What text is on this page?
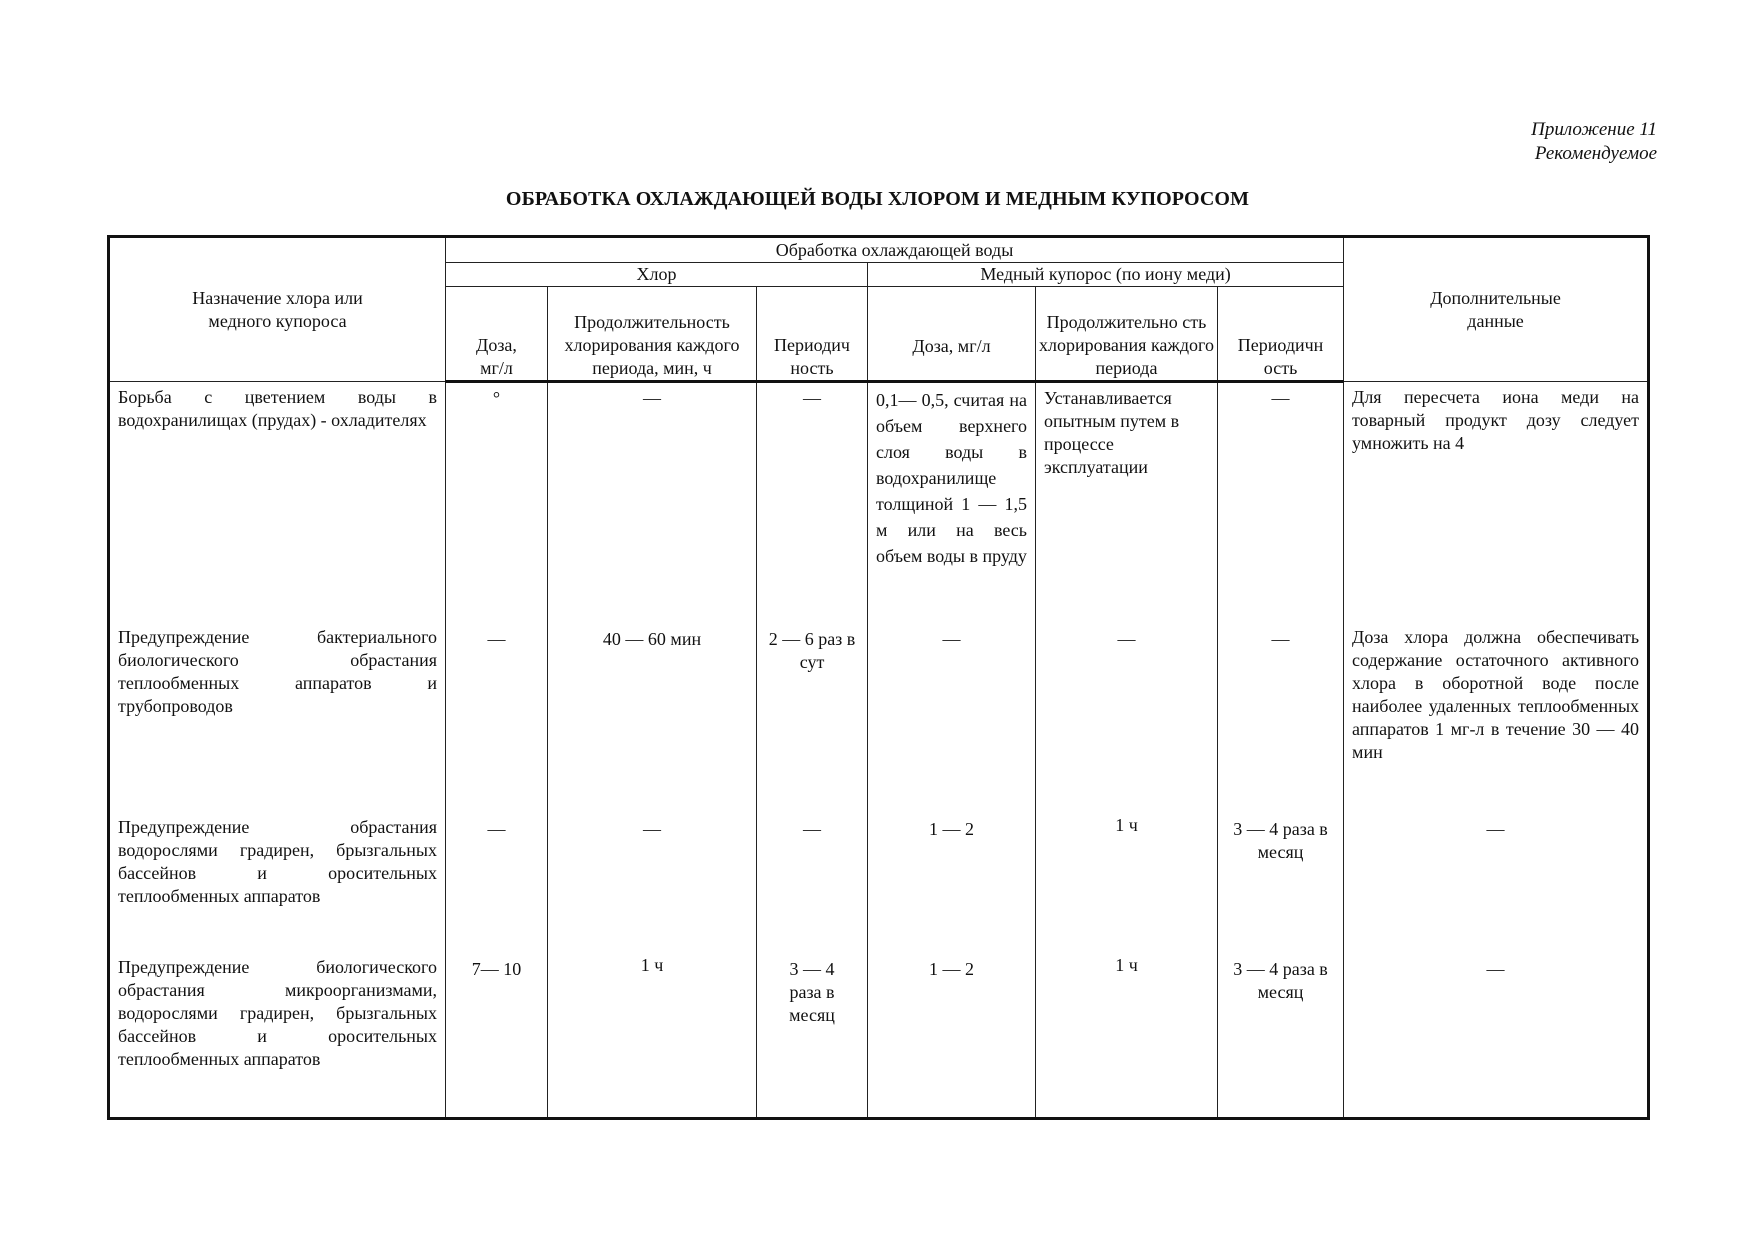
Приложение 11
Рекомендуемое
ОБРАБОТКА ОХЛАЖДАЮЩЕЙ ВОДЫ ХЛОРОМ И МЕДНЫМ КУПОРОСОМ
Назначение хлора или медного купороса	Обработка охлаждающей воды						Дополнительные данные
	Хлор			Медный купорос (по иону меди)			
	Доза, мг/л	Продолжительность хлорирования каждого периода, мин, ч	Периодич ность	Доза, мг/л	Продолжительно сть хлорирования каждого периода	Периодичн ость	
Борьба с цветением воды в водохранилищах (прудах) - охладителях	°	—	—	0,1— 0,5, считая на объем верхнего слоя воды в водохранилище толщиной 1 — 1,5 м или на весь объем воды в пруду	Устанавливается опытным путем в процессе эксплуатации	—	Для пересчета иона меди на товарный продукт дозу следует умножить на 4
Предупреждение бактериального биологического обрастания теплообменных аппаратов и трубопроводов	—	40 — 60 мин	2 — 6 раз в сут	—	—	—	Доза хлора должна обеспечивать содержание остаточного активного хлора в оборотной воде после наиболее удаленных теплообменных аппаратов 1 мг-л в течение 30 — 40 мин
Предупреждение обрастания водорослями градирен, брызгальных бассейнов и оросительных теплообменных аппаратов	—	—	—	1 — 2	1 ч	3 — 4 раза в месяц	—
Предупреждение биологического обрастания микроорганизмами, водорослями градирен, брызгальных бассейнов и оросительных теплообменных аппаратов	7— 10	1 ч	3 — 4 раза в месяц	1 — 2	1 ч	3 — 4 раза в месяц	—
